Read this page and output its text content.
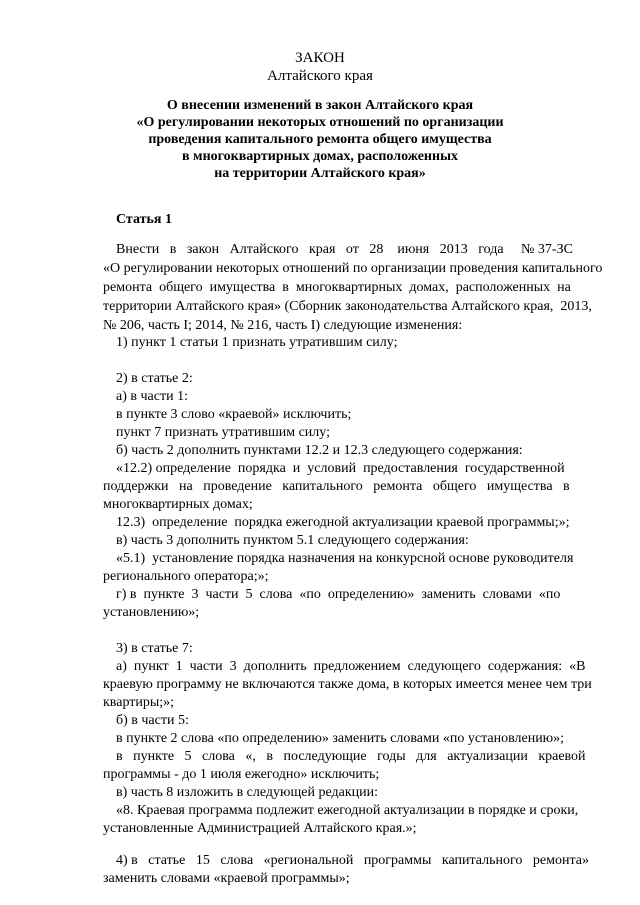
ЗАКОН
Алтайского края
О внесении изменений в закон Алтайского края
«О регулировании некоторых отношений по организации
проведения капитального ремонта общего имущества
в многоквартирных домах, расположенных
на территории Алтайского края»
Статья 1
Внести   в   закон   Алтайского   края   от   28    июня   2013   года     № 37-ЗС
«О регулировании некоторых отношений по организации проведения капитального
ремонта  общего  имущества  в  многоквартирных  домах,  расположенных  на
территории Алтайского края» (Сборник законодательства Алтайского края,  2013,
№ 206, часть I; 2014, № 216, часть I) следующие изменения:
1) пункт 1 статьи 1 признать утратившим силу;
2) в статье 2:
а) в части 1:
в пункте 3 слово «краевой» исключить;
пункт 7 признать утратившим силу;
б) часть 2 дополнить пунктами 12.2 и 12.3 следующего содержания:
«12.2) определение  порядка  и  условий  предоставления  государственной
поддержки   на   проведение   капитального   ремонта   общего   имущества   в
многоквартирных домах;
12.3)  определение  порядка ежегодной актуализации краевой программы;»;
в) часть 3 дополнить пунктом 5.1 следующего содержания:
«5.1)  установление порядка назначения на конкурсной основе руководителя
регионального оператора;»;
г) в  пункте  3  части  5  слова  «по  определению»  заменить  словами  «по
установлению»;
3) в статье 7:
а)  пункт  1  части  3  дополнить  предложением  следующего  содержания:  «В
краевую программу не включаются также дома, в которых имеется менее чем три
квартиры;»;
б) в части 5:
в пункте 2 слова «по определению» заменить словами «по установлению»;
в   пункте   5   слова   «,   в   последующие   годы   для   актуализации   краевой
программы - до 1 июля ежегодно» исключить;
в) часть 8 изложить в следующей редакции:
«8. Краевая программа подлежит ежегодной актуализации в порядке и сроки,
установленные Администрацией Алтайского края.»;
4) в   статье   15   слова   «региональной   программы   капитального   ремонта»
заменить словами «краевой программы»;
